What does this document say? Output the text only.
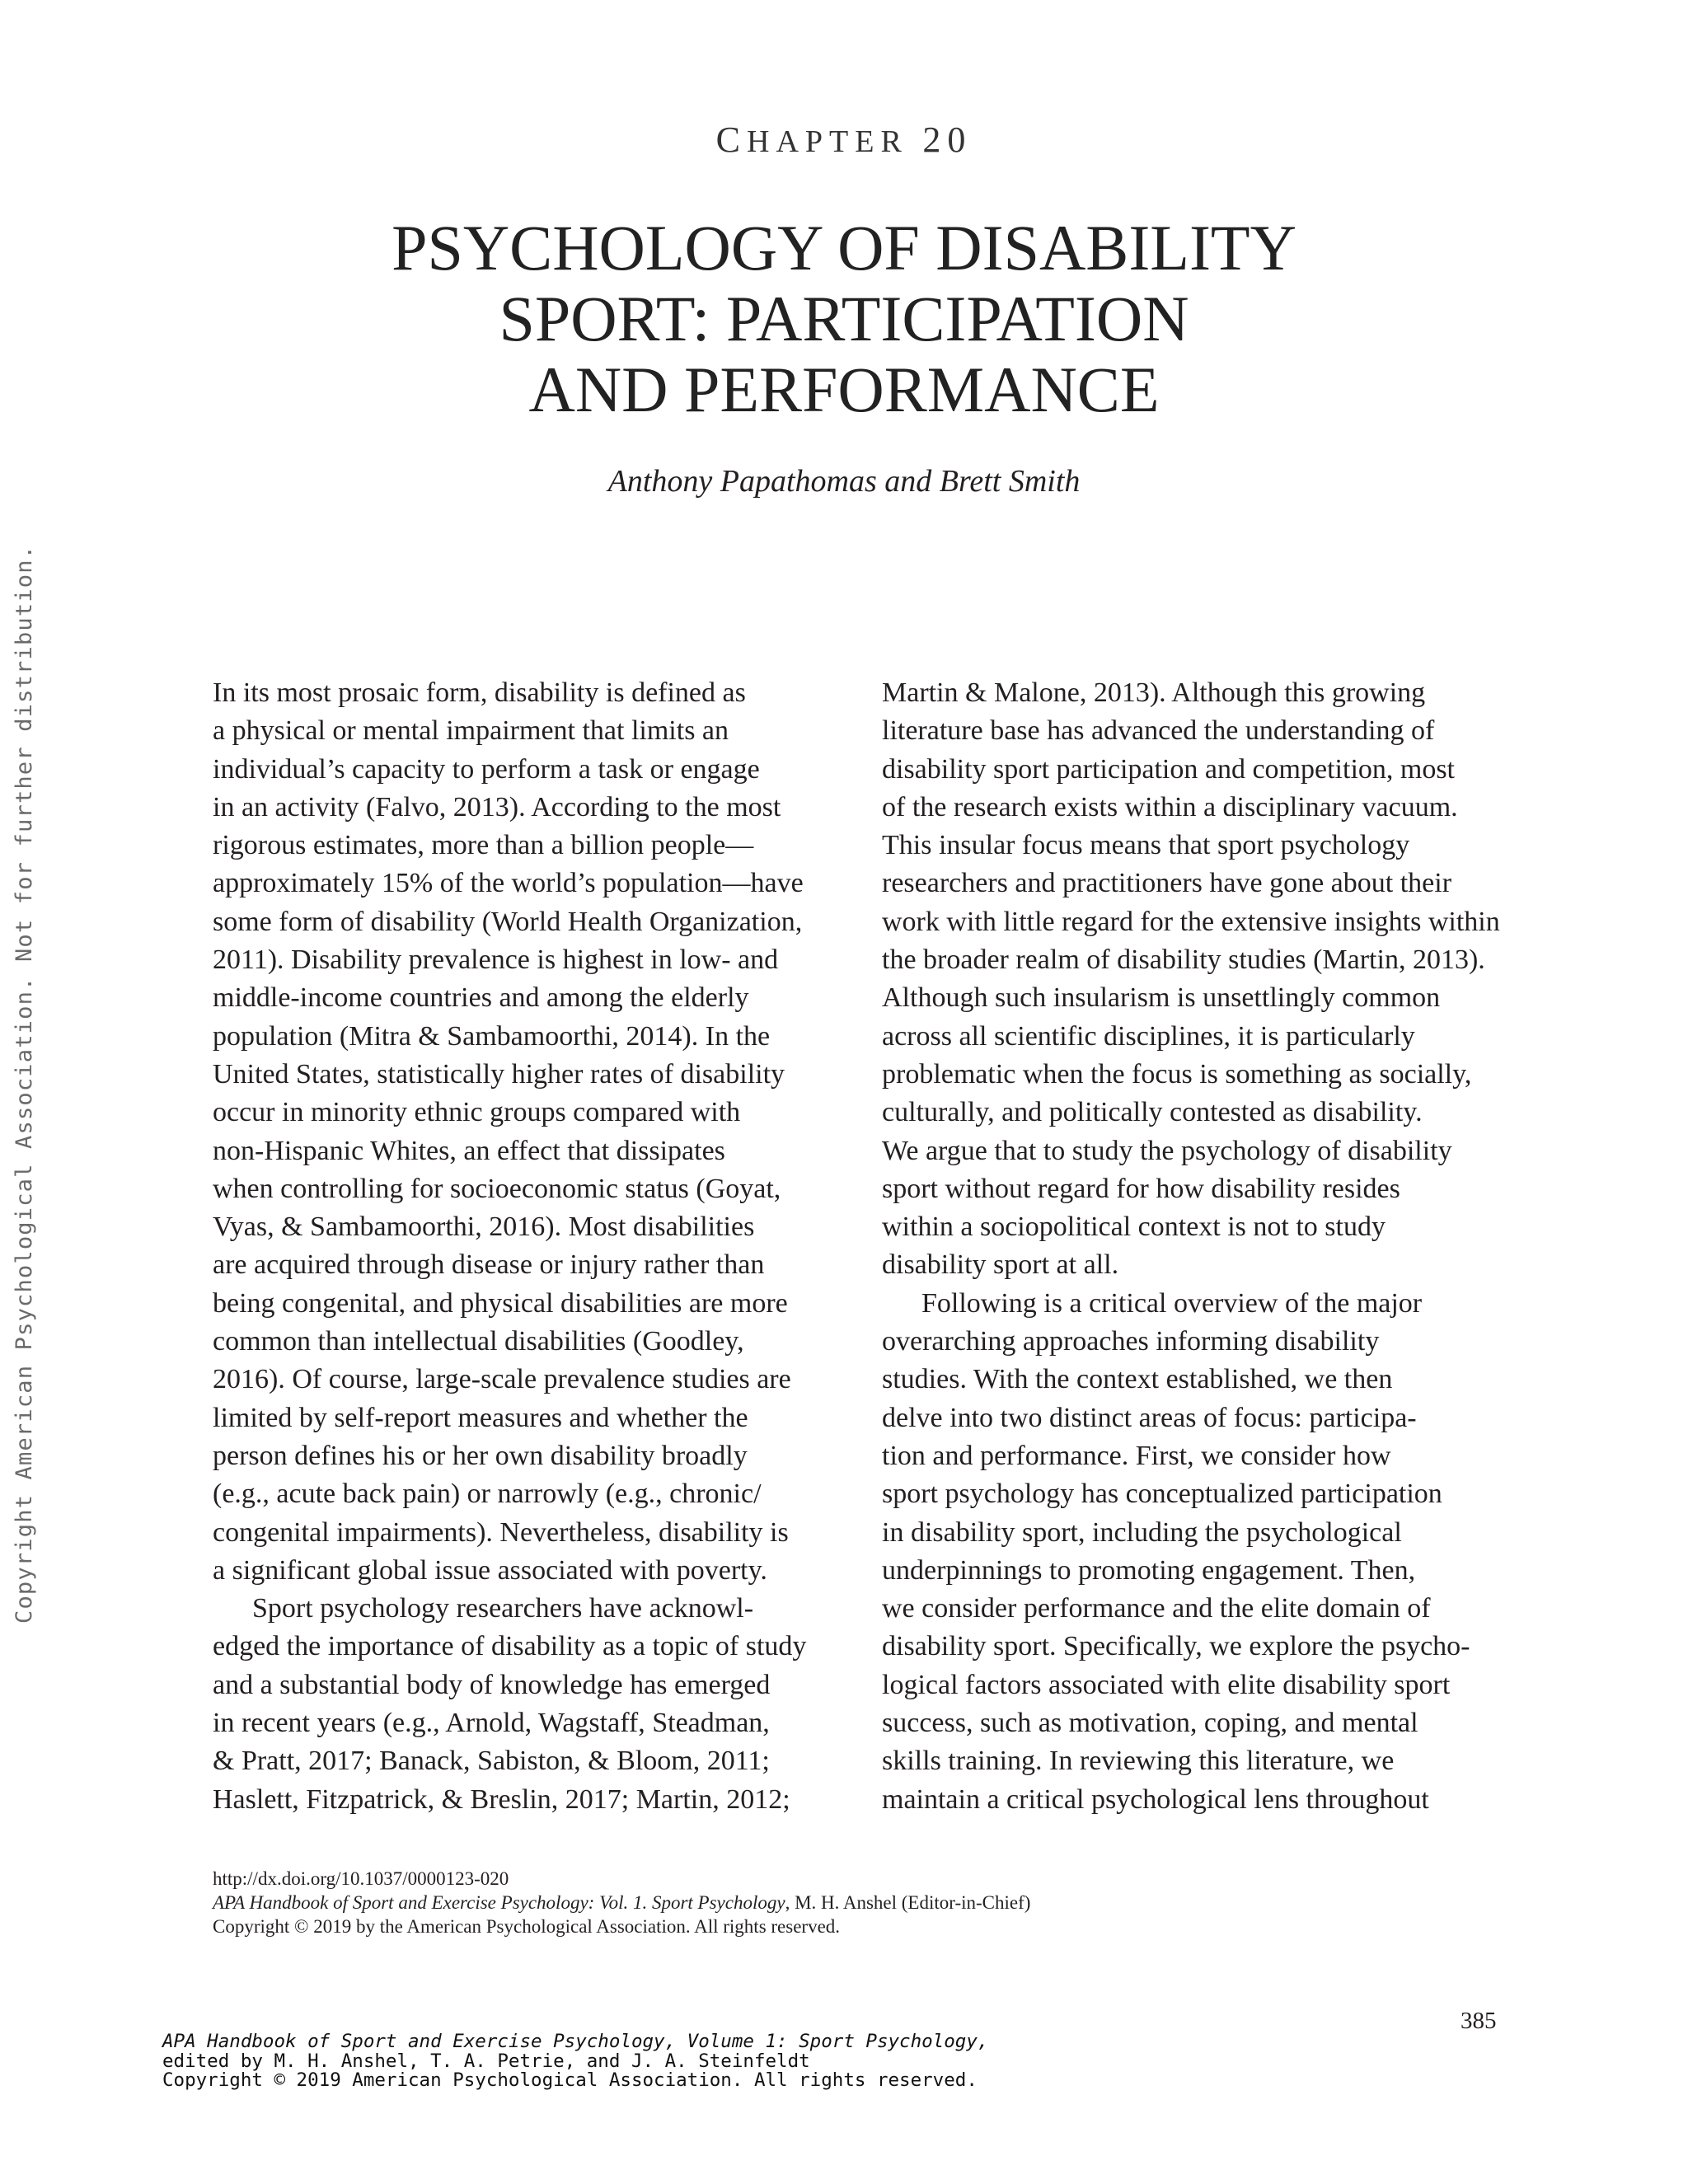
CHAPTER 20
PSYCHOLOGY OF DISABILITY
SPORT: PARTICIPATION
AND PERFORMANCE
Anthony Papathomas and Brett Smith
Copyright American Psychological Association. Not for further distribution.	In its most prosaic form, disability is defined as
a physical or mental impairment that limits an
individual’s capacity to perform a task or engage
in an activity (Falvo, 2013). According to the most
rigorous estimates, more than a billion people—
approximately 15% of the world’s population—have
some form of disability (World Health Organization,
2011). Disability prevalence is highest in low- and
middle-income countries and among the elderly
population (Mitra & Sambamoorthi, 2014). In the
United States, statistically higher rates of disability
occur in minority ethnic groups compared with
non-Hispanic Whites, an effect that dissipates
when controlling for socioeconomic status (Goyat,
Vyas, & Sambamoorthi, 2016). Most disabilities
are acquired through disease or injury rather than
being congenital, and physical disabilities are more
common than intellectual disabilities (Goodley,
2016). Of course, large-scale prevalence studies are
limited by self-report measures and whether the
person defines his or her own disability broadly
(e.g., acute back pain) or narrowly (e.g., chronic/
congenital impairments). Nevertheless, disability is
a significant global issue associated with poverty.
Sport psychology researchers have acknowl-
edged the importance of disability as a topic of study
and a substantial body of knowledge has emerged
in recent years (e.g., Arnold, Wagstaff, Steadman,
& Pratt, 2017; Banack, Sabiston, & Bloom, 2011;
Haslett, Fitzpatrick, & Breslin, 2017; Martin, 2012;
Martin & Malone, 2013). Although this growing
literature base has advanced the understanding of
disability sport participation and competition, most
of the research exists within a disciplinary vacuum.
This insular focus means that sport psychology
researchers and practitioners have gone about their
work with little regard for the extensive insights within
the broader realm of disability studies (Martin, 2013).
Although such insularism is unsettlingly common
across all scientific disciplines, it is particularly
problematic when the focus is something as socially,
culturally, and politically contested as disability.
We argue that to study the psychology of disability
sport without regard for how disability resides
within a sociopolitical context is not to study
disability sport at all.
Following is a critical overview of the major
overarching approaches informing disability
studies. With the context established, we then
delve into two distinct areas of focus: participa-
tion and performance. First, we consider how
sport psychology has conceptualized participation
in disability sport, including the psychological
underpinnings to promoting engagement. Then,
we consider performance and the elite domain of
disability sport. Specifically, we explore the psycho-
logical factors associated with elite disability sport
success, such as motivation, coping, and mental
skills training. In reviewing this literature, we
maintain a critical psychological lens throughout
http://dx.doi.org/10.1037/0000123-020
APA Handbook of Sport and Exercise Psychology: Vol. 1. Sport Psychology, M. H. Anshel (Editor-in-Chief)
Copyright © 2019 by the American Psychological Association. All rights reserved.
385
APA Handbook of Sport and Exercise Psychology, Volume 1: Sport Psychology,
edited by M. H. Anshel, T. A. Petrie, and J. A. Steinfeldt
Copyright © 2019 American Psychological Association. All rights reserved.
